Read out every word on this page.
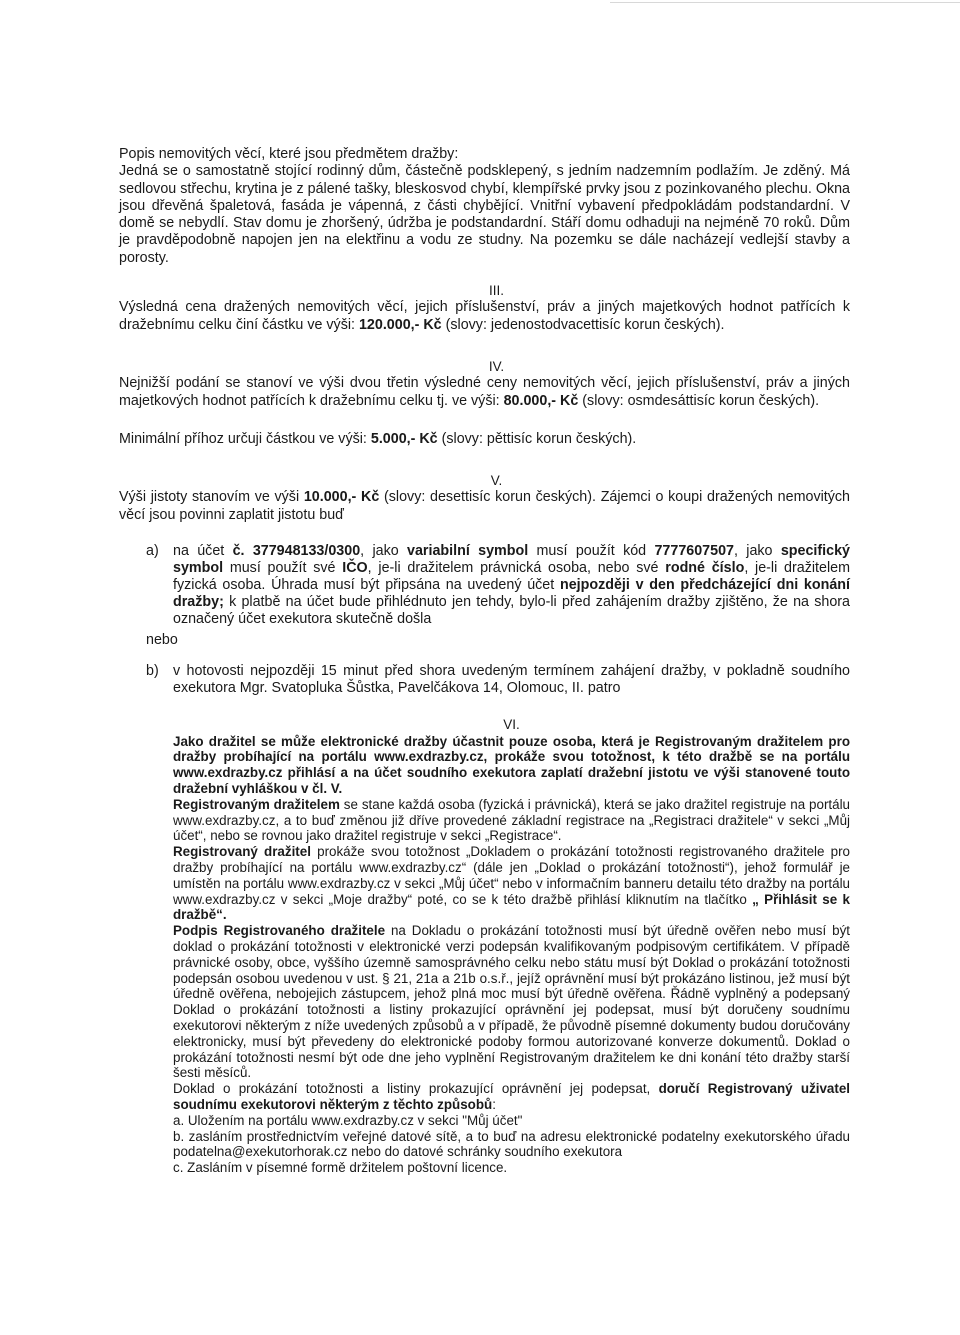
Popis nemovitých věcí, které jsou předmětem dražby:
Jedná se o samostatně stojící rodinný dům, částečně podsklepený, s jedním nadzemním podlažím. Je zděný. Má sedlovou střechu, krytina je z pálené tašky, bleskosvod chybí, klempířské prvky jsou z pozinkovaného plechu. Okna jsou dřevěná špaletová, fasáda je vápenná, z části chybějící. Vnitřní vybavení předpokládám podstandardní. V domě se nebydlí. Stav domu je zhoršený, údržba je podstandardní. Stáří domu odhaduji na nejméně 70 roků. Dům je pravděpodobně napojen jen na elektřinu a vodu ze studny. Na pozemku se dále nacházejí vedlejší stavby a porosty.
III.
Výsledná cena dražených nemovitých věcí, jejich příslušenství, práv a jiných majetkových hodnot patřících k dražebnímu celku činí částku ve výši: 120.000,- Kč (slovy: jedenostodvacettisíc korun českých).
IV.
Nejnižší podání se stanoví ve výši dvou třetin výsledné ceny nemovitých věcí, jejich příslušenství, práv a jiných majetkových hodnot patřících k dražebnímu celku tj. ve výši: 80.000,- Kč (slovy: osmdesáttisíc korun českých).
Minimální příhoz určuji částkou ve výši: 5.000,- Kč (slovy: pěttisíc korun českých).
V.
Výši jistoty stanovím ve výši 10.000,- Kč (slovy: desettisíc korun českých). Zájemci o koupi dražených nemovitých věcí jsou povinni zaplatit jistotu buď
a) na účet č. 377948133/0300, jako variabilní symbol musí použít kód 7777607507, jako specifický symbol musí použít své IČO, je-li dražitelem právnická osoba, nebo své rodné číslo, je-li dražitelem fyzická osoba. Úhrada musí být připsána na uvedený účet nejpozději v den předcházející dni konání dražby; k platbě na účet bude přihlédnuto jen tehdy, bylo-li před zahájením dražby zjištěno, že na shora označený účet exekutora skutečně došla
nebo
b) v hotovosti nejpozději 15 minut před shora uvedeným termínem zahájení dražby, v pokladně soudního exekutora Mgr. Svatopluka Šůstka, Pavelčákova 14, Olomouc, II. patro
VI.

Jako dražitel se může elektronické dražby účastnit pouze osoba, která je Registrovaným dražitelem pro dražby probíhající na portálu www.exdrazby.cz, prokáže svou totožnost, k této dražbě se na portálu www.exdrazby.cz přihlásí a na účet soudního exekutora zaplatí dražební jistotu ve výši stanovené touto dražební vyhláškou v čl. V.

Registrovaným dražitelem se stane každá osoba (fyzická i právnická), která se jako dražitel registruje na portálu www.exdrazby.cz, a to buď změnou již dříve provedené základní registrace na „Registraci dražitele“ v sekci „Můj účet“, nebo se rovnou jako dražitel registruje v sekci „Registrace“.

Registrovaný dražitel prokáže svou totožnost „Dokladem o prokázání totožnosti registrovaného dražitele pro dražby probíhající na portálu www.exdrazby.cz“ (dále jen „Doklad o prokázání totožnosti“), jehož formulář je umístěn na portálu www.exdrazby.cz v sekci „Můj účet“ nebo v informačním banneru detailu této dražby na portálu www.exdrazby.cz v sekci „Moje dražby“ poté, co se k této dražbě přihlásí kliknutím na tlačítko „ Přihlásit se k dražbě“.

Podpis Registrovaného dražitele na Dokladu o prokázání totožnosti musí být úředně ověřen nebo musí být doklad o prokázání totožnosti v elektronické verzi podepsán kvalifikovaným podpisovým certifikátem. V případě právnické osoby, obce, vyššího územně samosprávného celku nebo státu musí být Doklad o prokázání totožnosti podepsán osobou uvedenou v ust. § 21, 21a a 21b o.s.ř., jejíž oprávnění musí být prokázáno listinou, jež musí být úředně ověřena, nebojejich zástupcem, jehož plná moc musí být úředně ověřena. Řádně vyplněný a podepsaný Doklad o prokázání totožnosti a listiny prokazující oprávnění jej podepsat, musí být doručeny soudnímu exekutorovi některým z níže uvedených způsobů a v případě, že původně písemné dokumenty budou doručovány elektronicky, musí být převedeny do elektronické podoby formou autorizované konverze dokumentů. Doklad o prokázání totožnosti nesmí být ode dne jeho vyplnění Registrovaným dražitelem ke dni konání této dražby starší šesti měsíců.

Doklad o prokázání totožnosti a listiny prokazující oprávnění jej podepsat, doručí Registrovaný uživatel soudnímu exekutorovi některým z těchto způsobů:

a. Uložením na portálu www.exdrazby.cz v sekci "Můj účet"

b. zasláním prostřednictvím veřejné datové sítě, a to buď na adresu elektronické podatelny exekutorského úřadu podatelna@exekutorhorak.cz nebo do datové schránky soudního exekutora

c. Zasláním v písemné formě držitelem poštovní licence.
